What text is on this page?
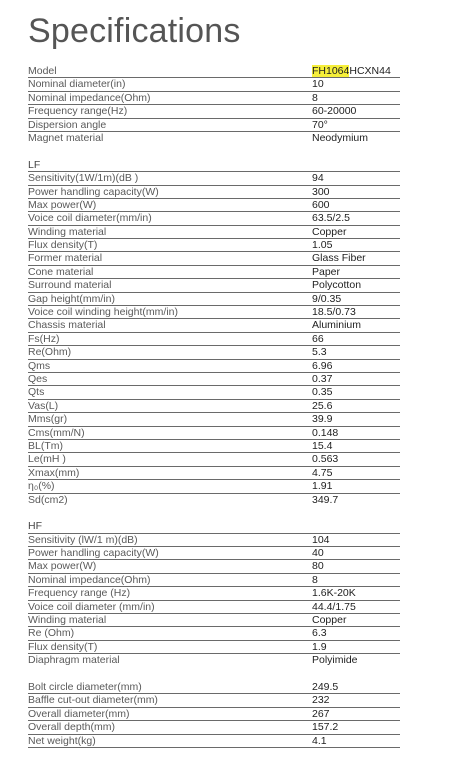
Specifications
Model	FH1064HCXN44
Nominal diameter(in)	10
Nominal impedance(Ohm)	8
Frequency range(Hz)	60-20000
Dispersion angle	70°
Magnet material	Neodymium
LF
Sensitivity(1W/1m)(dB )	94
Power handling capacity(W)	300
Max power(W)	600
Voice coil diameter(mm/in)	63.5/2.5
Winding material	Copper
Flux density(T)	1.05
Former material	Glass Fiber
Cone material	Paper
Surround material	Polycotton
Gap height(mm/in)	9/0.35
Voice coil winding height(mm/in)	18.5/0.73
Chassis material	Aluminium
Fs(Hz)	66
Re(Ohm)	5.3
Qms	6.96
Qes	0.37
Qts	0.35
Vas(L)	25.6
Mms(gr)	39.9
Cms(mm/N)	0.148
BL(Tm)	15.4
Le(mH )	0.563
Xmax(mm)	4.75
η₀(%)	1.91
Sd(cm2)	349.7
HF
Sensitivity (lW/1 m)(dB)	104
Power handling capacity(W)	40
Max power(W)	80
Nominal impedance(Ohm)	8
Frequency range (Hz)	1.6K-20K
Voice coil diameter (mm/in)	44.4/1.75
Winding material	Copper
Re (Ohm)	6.3
Flux density(T)	1.9
Diaphragm material	Polyimide
Bolt circle diameter(mm)	249.5
Baffle cut-out diameter(mm)	232
Overall diameter(mm)	267
Overall depth(mm)	157.2
Net weight(kg)	4.1
